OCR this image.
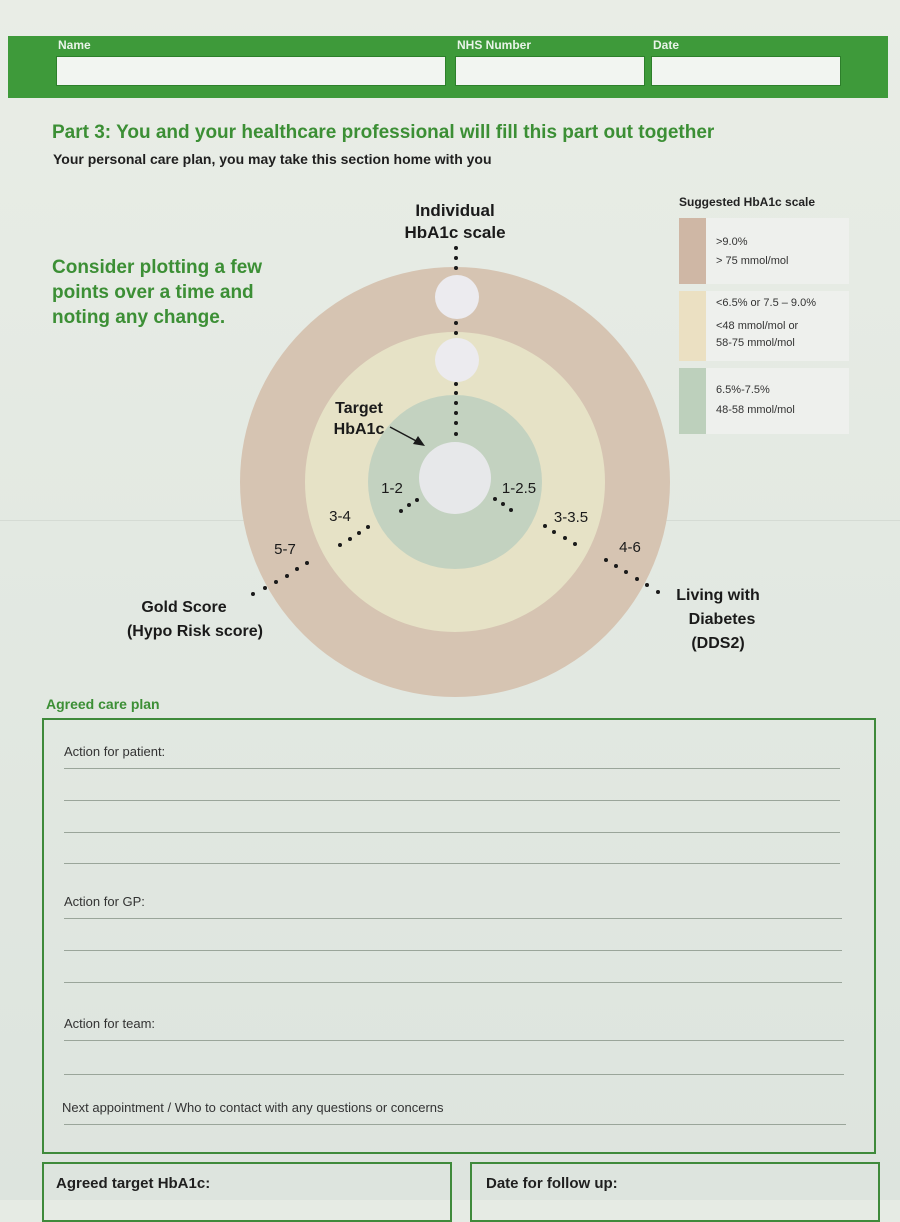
Name	NHS Number	Date
Part 3: You and your healthcare professional will fill this part out together
Your personal care plan, you may take this section home with you
Consider plotting a few points over a time and noting any change.
Individual
HbA1c scale
Target
HbA1c
1-2
3-4
5-7
1-2.5
3-3.5
4-6
Gold Score
(Hypo Risk score)
Living with
Diabetes
(DDS2)
Suggested HbA1c scale
>9.0%
> 75 mmol/mol
<6.5% or 7.5 – 9.0%
<48 mmol/mol or
58-75 mmol/mol
6.5%-7.5%
48-58 mmol/mol
Agreed care plan
Action for patient:
Action for GP:
Action for team:
Next appointment / Who to contact with any questions or concerns
Agreed target HbA1c:	Date for follow up:
